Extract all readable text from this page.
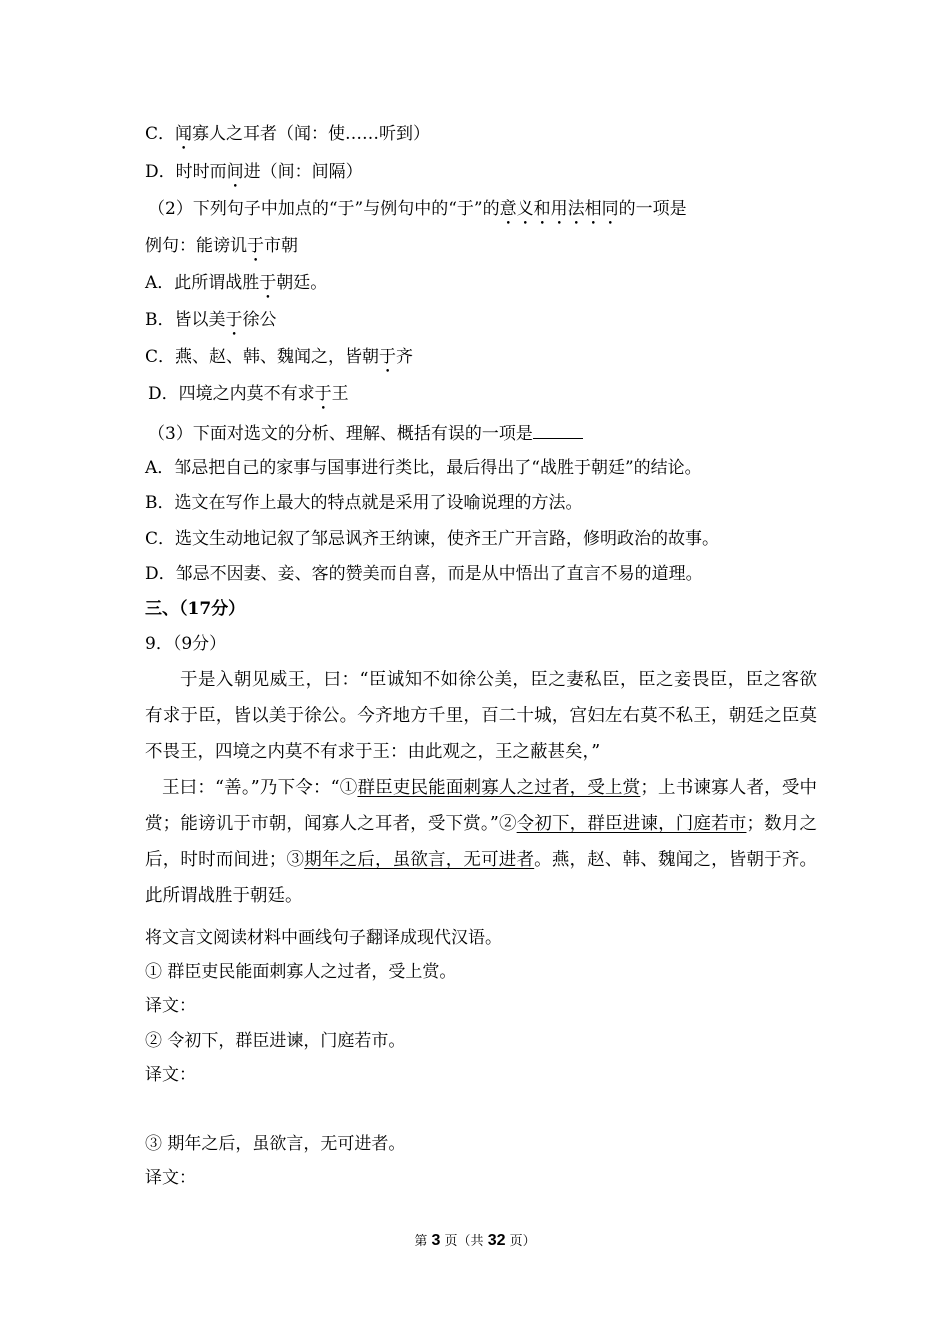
C．闻寡人之耳者（闻：使……听到）
D．时时而间进（间：间隔）
（2）下列句子中加点的“于”与例句中的“于”的意义和用法相同的一项是
例句：能谤讥于市朝
A．此所谓战胜于朝廷。
B．皆以美于徐公
C．燕、赵、韩、魏闻之，皆朝于齐
D．四境之内莫不有求于王
（3）下面对选文的分析、理解、概括有误的一项是
A．邹忌把自己的家事与国事进行类比，最后得出了“战胜于朝廷”的结论。
B．选文在写作上最大的特点就是采用了设喻说理的方法。
C．选文生动地记叙了邹忌讽齐王纳谏，使齐王广开言路，修明政治的故事。
D．邹忌不因妻、妾、客的赞美而自喜，而是从中悟出了直言不易的道理。
三、（17分）
9．（9分）

于是入朝见威王，曰：“臣诚知不如徐公美，臣之妻私臣，臣之妾畏臣，臣之客欲有求于臣，皆以美于徐公。今齐地方千里，百二十城，宫妇左右莫不私王，朝廷之臣莫不畏王，四境之内莫不有求于王：由此观之，王之蔽甚矣，”

王曰：“善。”乃下令：“①群臣吏民能面刺寡人之过者，受上赏；上书谏寡人者，受中赏；能谤讥于市朝，闻寡人之耳者，受下赏。”②令初下，群臣进谏，门庭若市；数月之后，时时而间进；③期年之后，虽欲言，无可进者。燕，赵、韩、魏闻之，皆朝于齐。此所谓战胜于朝廷。

将文言文阅读材料中画线句子翻译成现代汉语。
① 群臣吏民能面刺寡人之过者，受上赏。
译文：
② 令初下，群臣进谏，门庭若市。
译文：
③ 期年之后，虽欲言，无可进者。
译文：
第 3 页（共 32 页）
